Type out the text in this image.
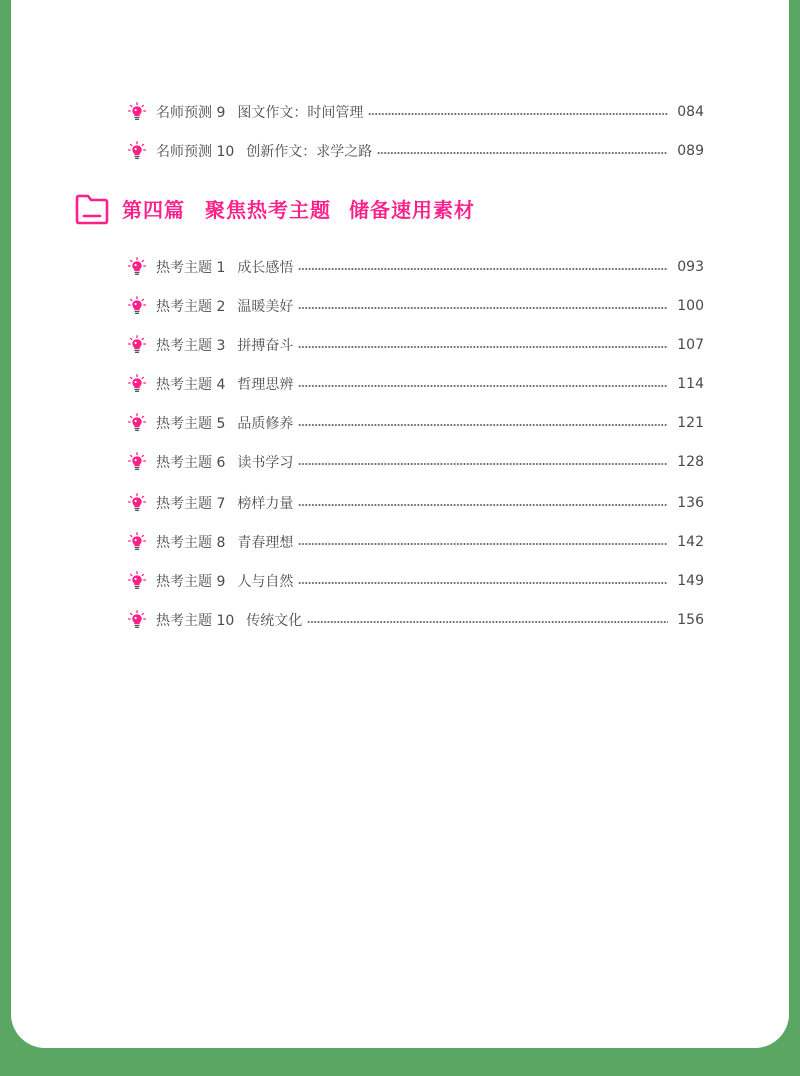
名师预测 9 图文作文：时间管理	084
名师预测 10 创新作文：求学之路	089
第四篇 聚焦热考主题 储备速用素材
热考主题 1 成长感悟	093
热考主题 2 温暖美好	100
热考主题 3 拼搏奋斗	107
热考主题 4 哲理思辨	114
热考主题 5 品质修养	121
热考主题 6 读书学习	128
热考主题 7 榜样力量	136
热考主题 8 青春理想	142
热考主题 9 人与自然	149
热考主题 10 传统文化	156
